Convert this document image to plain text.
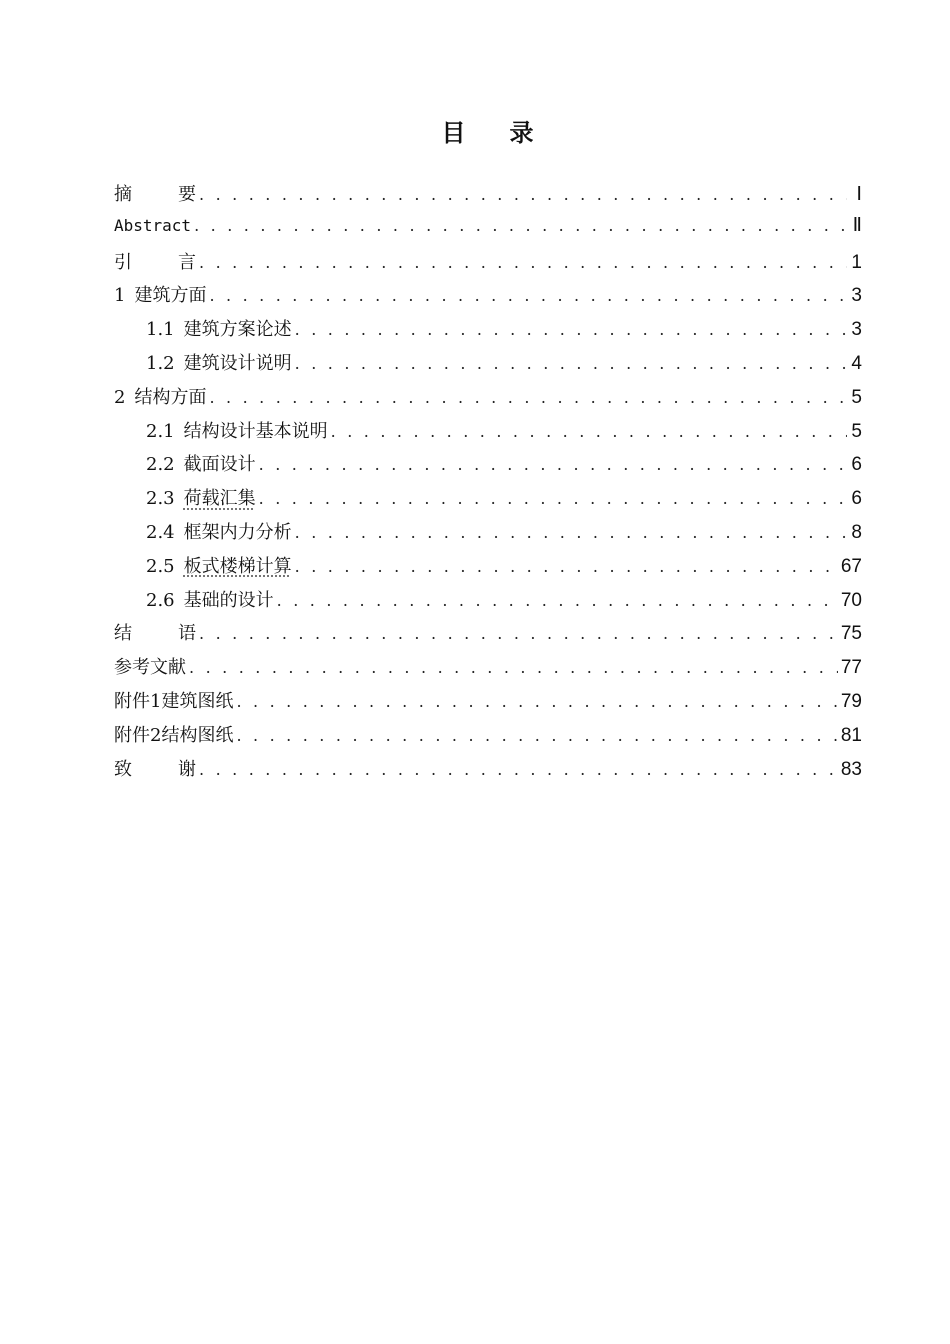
目 录
摘	要 . . .	Ⅰ
Abstract . . .	Ⅱ
引	言 . . .	1
1 建筑方面 . . .	3
1.1 建筑方案论述 . . .	3
1.2 建筑设计说明 . . .	4
2 结构方面 . . .	5
2.1 结构设计基本说明 . . .	5
2.2 截面设计 . . .	6
2.3 荷载汇集 . . .	6
2.4 框架内力分析 . . .	8
2.5 板式楼梯计算 . . .	67
2.6 基础的设计 . . .	70
结	语 . . .	75
参考文献 . . .	77
附件1建筑图纸 . . .	79
附件2结构图纸 . . .	81
致	谢 . . .	83
